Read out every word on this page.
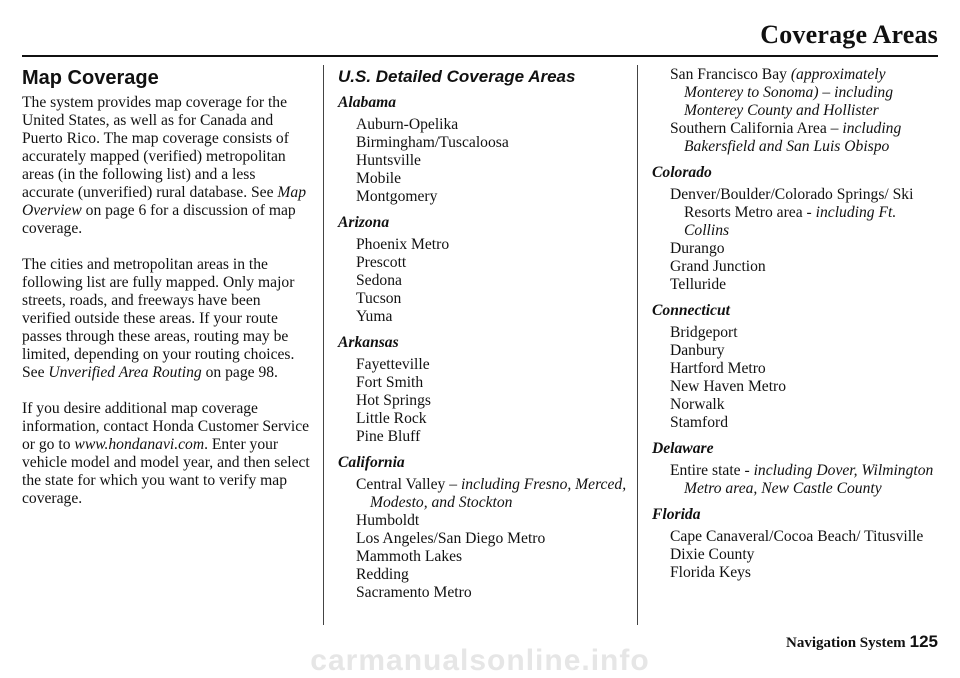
Coverage Areas
Map Coverage

The system provides map coverage for the United States, as well as for Canada and Puerto Rico. The map coverage consists of accurately mapped (verified) metropolitan areas (in the following list) and a less accurate (unverified) rural database. See Map Overview on page 6 for a discussion of map coverage.

The cities and metropolitan areas in the following list are fully mapped. Only major streets, roads, and freeways have been verified outside these areas. If your route passes through these areas, routing may be limited, depending on your routing choices. See Unverified Area Routing on page 98.

If you desire additional map coverage information, contact Honda Customer Service or go to www.hondanavi.com. Enter your vehicle model and model year, and then select the state for which you want to verify map coverage.

U.S. Detailed Coverage Areas
Alabama
Auburn-Opelika
Birmingham/Tuscaloosa
Huntsville
Mobile
Montgomery
Arizona
Phoenix Metro
Prescott
Sedona
Tucson
Yuma
Arkansas
Fayetteville
Fort Smith
Hot Springs
Little Rock
Pine Bluff
California
Central Valley – including Fresno, Merced, Modesto, and Stockton
Humboldt
Los Angeles/San Diego Metro
Mammoth Lakes
Redding
Sacramento Metro
San Francisco Bay (approximately Monterey to Sonoma) – including Monterey County and Hollister
Southern California Area – including Bakersfield and San Luis Obispo
Colorado
Denver/Boulder/Colorado Springs/ Ski Resorts Metro area - including Ft. Collins
Durango
Grand Junction
Telluride
Connecticut
Bridgeport
Danbury
Hartford Metro
New Haven Metro
Norwalk
Stamford
Delaware
Entire state - including Dover, Wilmington Metro area, New Castle County
Florida
Cape Canaveral/Cocoa Beach/ Titusville
Dixie County
Florida Keys
Navigation System 125
carmanualsonline.info
